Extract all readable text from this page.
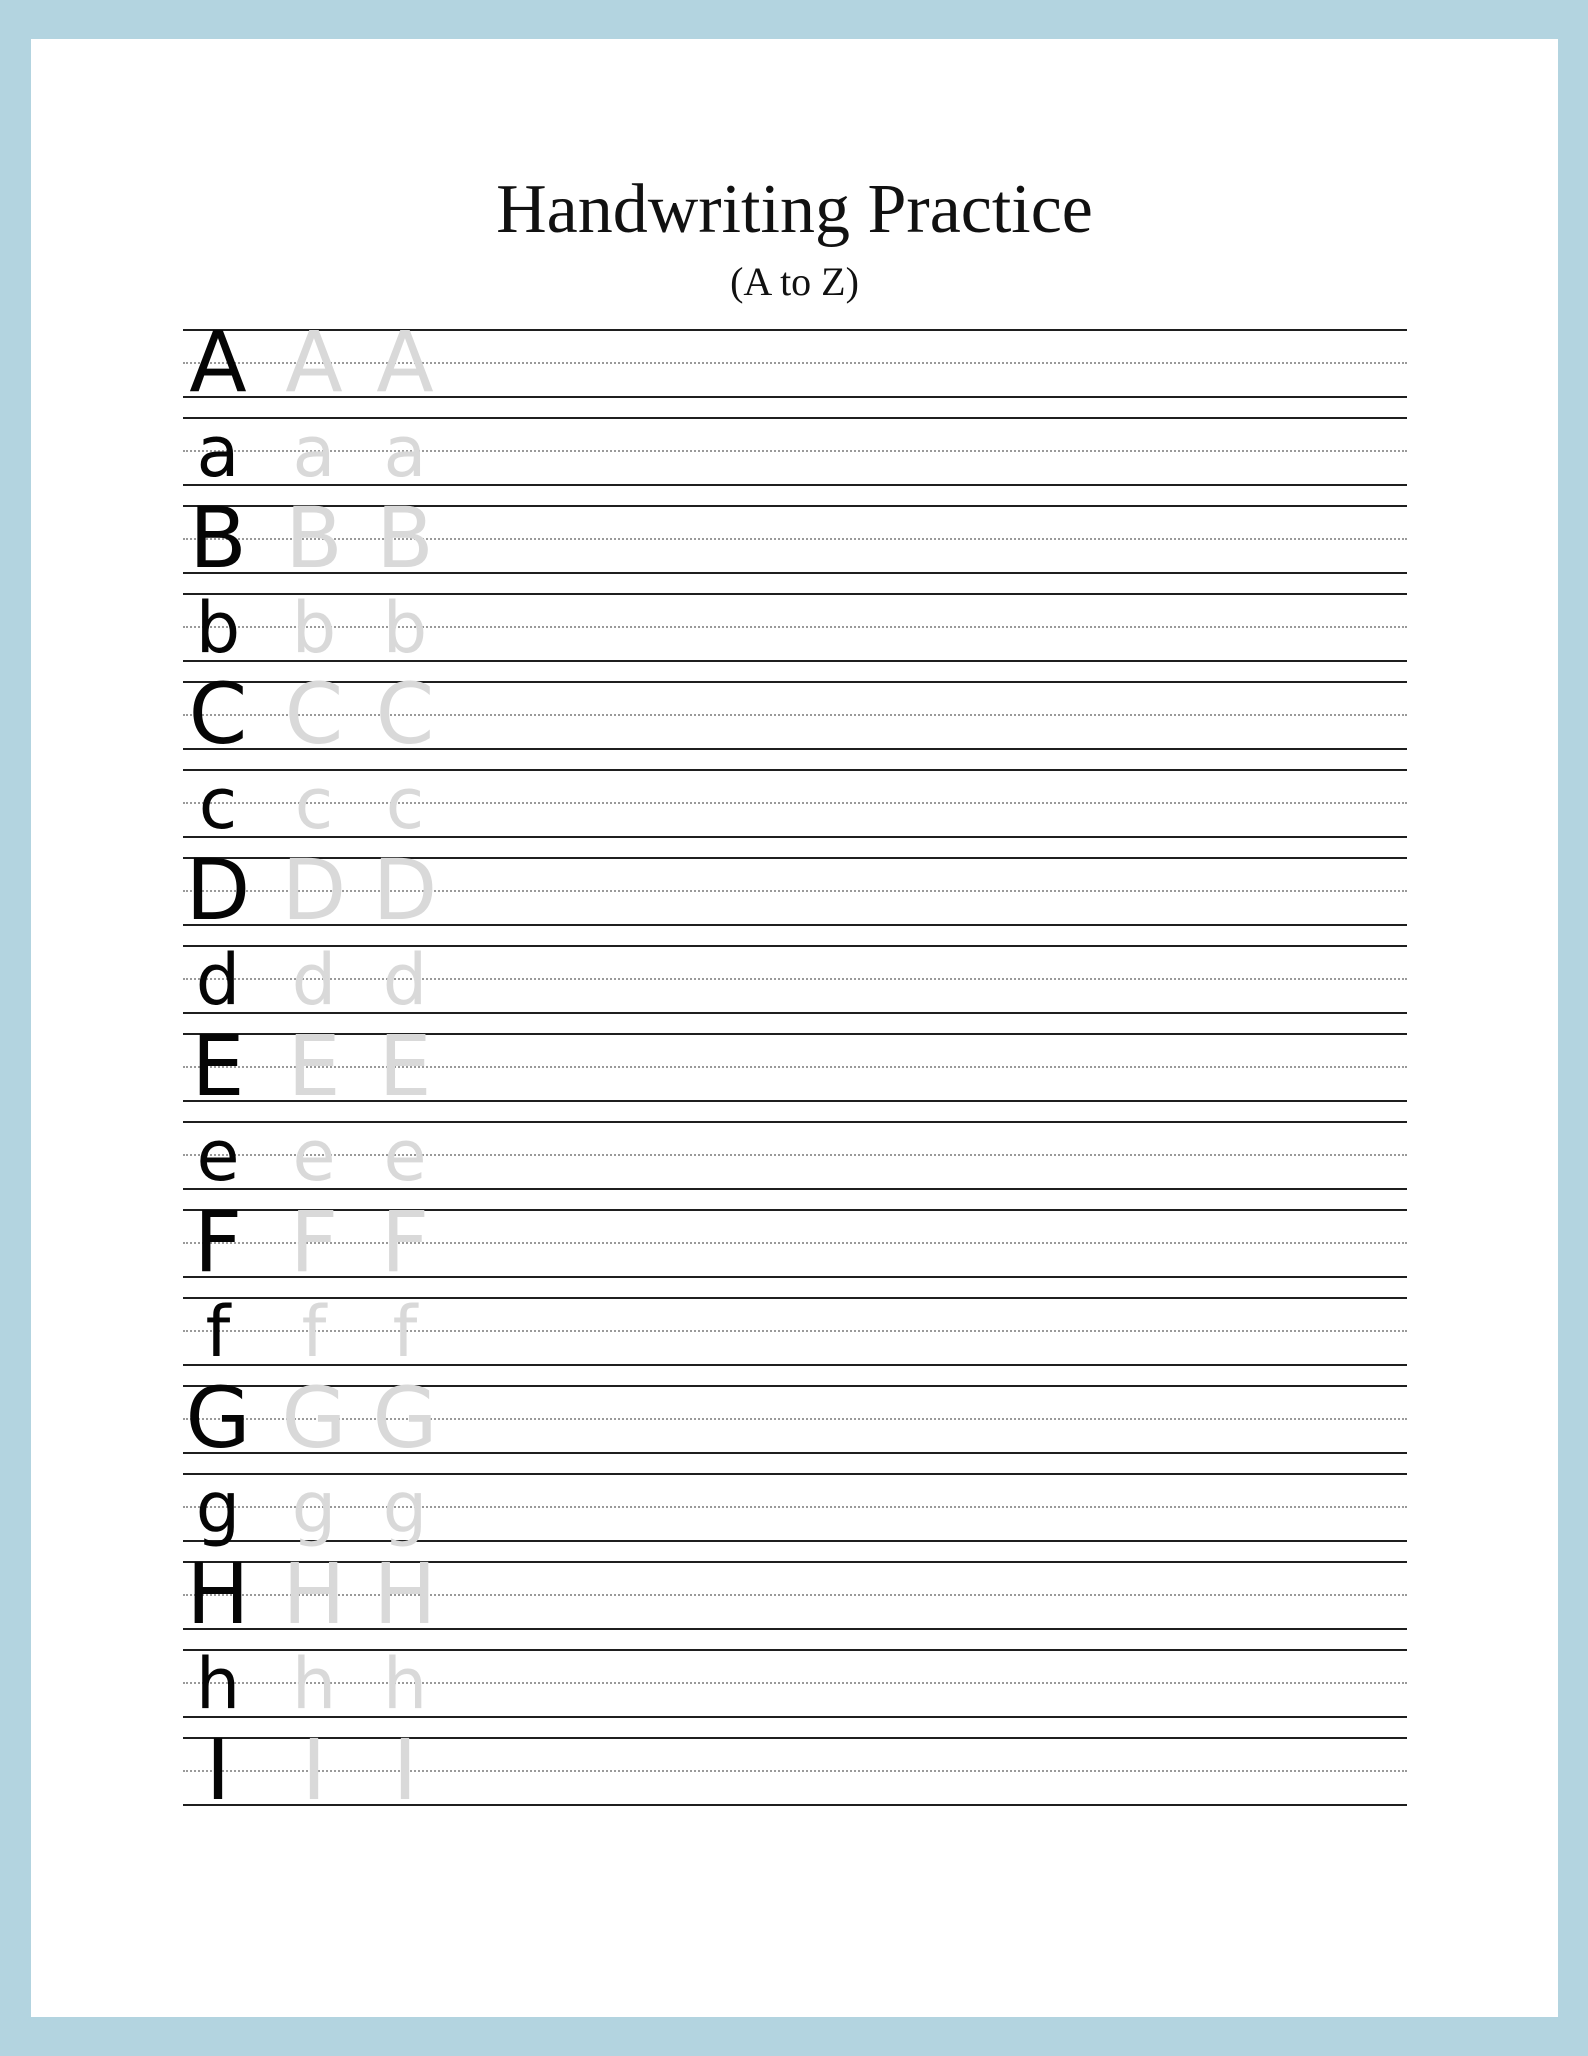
Handwriting Practice
(A to Z)
A A A
a a a
B B B
b b b
C C C
c c c
D D D
d d d
E E E
e e e
F F F
f	f f
G G G
g g g
H H H
h h h
I I I
